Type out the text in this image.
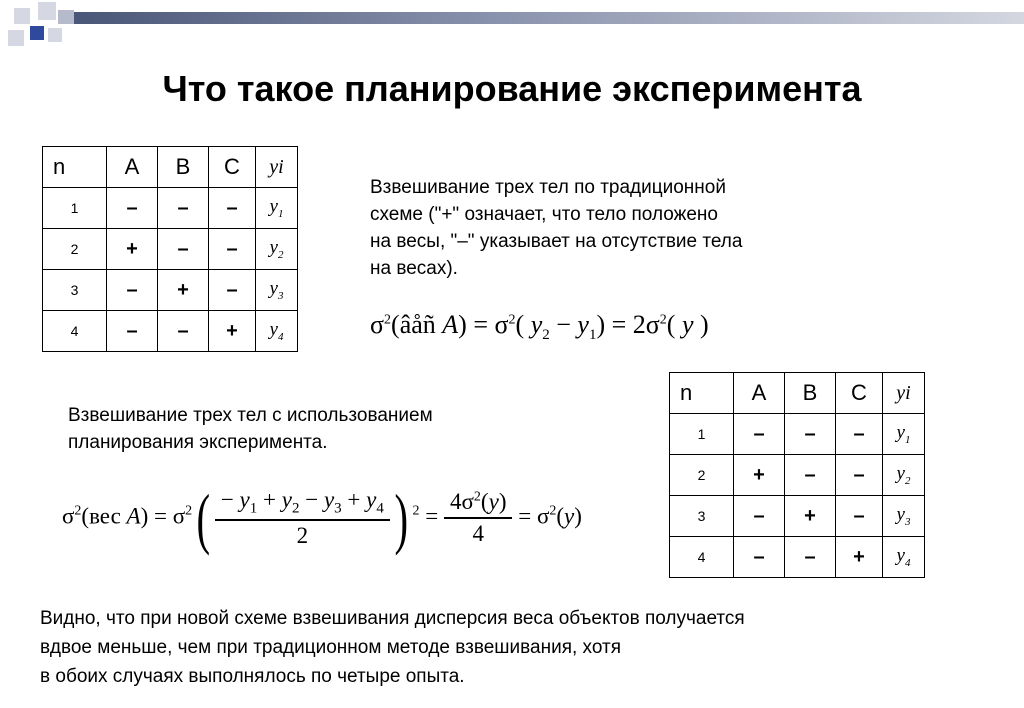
Что такое планирование эксперимента
n	A	B	C	yi
1	–	–	–	$y_1$
2	+	–	–	$y_2$
3	–	+	–	$y_3$
4	–	–	+	$y_4$
Взвешивание трех тел по традиционной
схеме ("+" означает, что тело положено
на весы, "–" указывает на отсутствие тела
на весах).
$\sigma^2(âåñ$ $A) = \sigma^2$( $y_2 - y_1) = 2\sigma^2$( y )
Взвешивание трех тел с использованием
планирования эксперимента.
$\sigma^2(вес$ $A) = \sigma^2( \frac{- y_1 + y_2 - y_3 + y_4}{2}$ ) $^2 = \frac{4\sigma^2(y)}{4} = \sigma^2(y)$
n	A	B	C	yi
1	–	–	–	$y_1$
2	+	–	–	$y_2$
3	–	+	–	$y_3$
4	–	–	+	$y_4$
Видно, что при новой схеме взвешивания дисперсия веса объектов получается
вдвое меньше, чем при традиционном методе взвешивания, хотя
в обоих случаях выполнялось по четыре опыта.
